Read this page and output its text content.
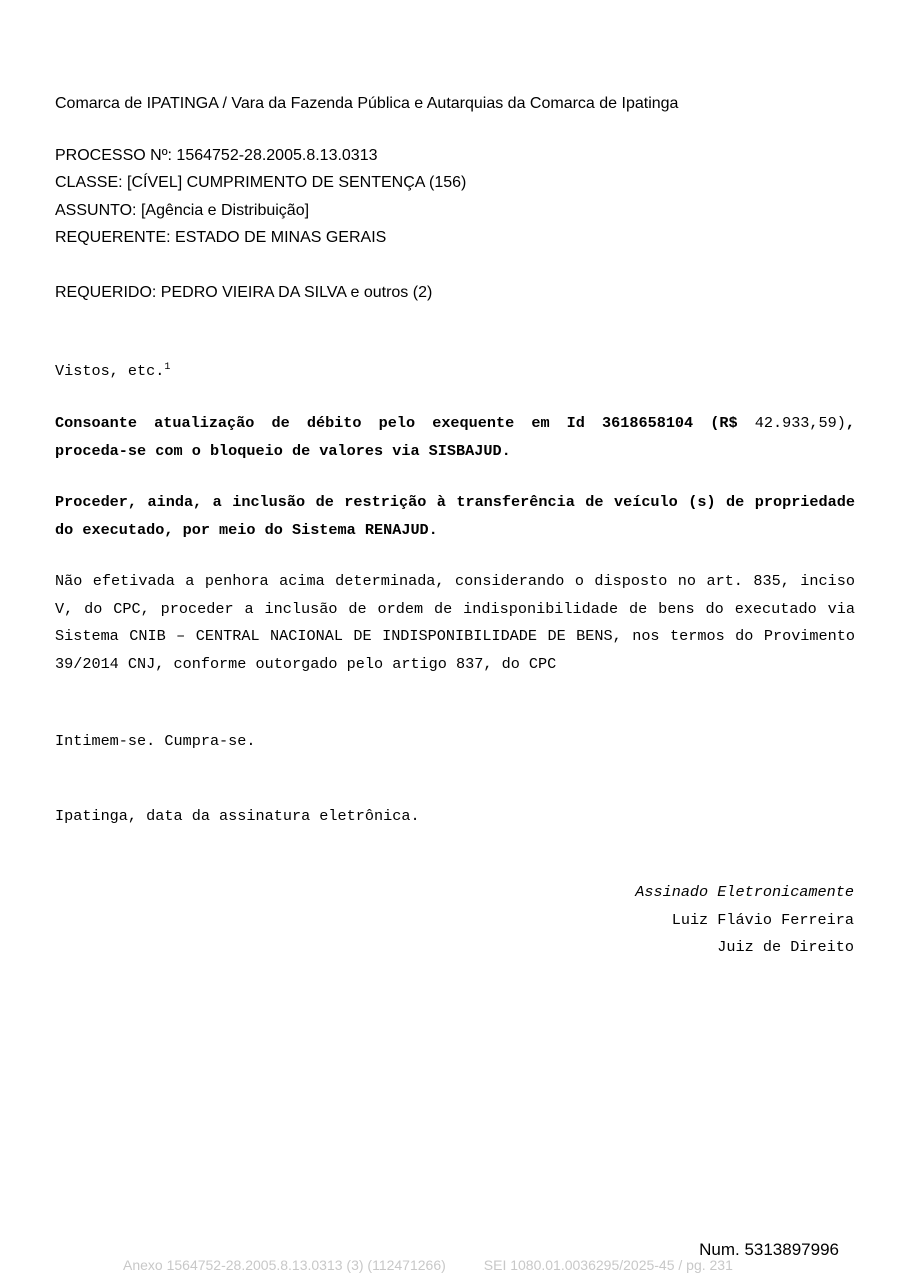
Comarca de IPATINGA / Vara da Fazenda Pública e Autarquias da Comarca de Ipatinga
PROCESSO Nº: 1564752-28.2005.8.13.0313
CLASSE: [CÍVEL] CUMPRIMENTO DE SENTENÇA (156)
ASSUNTO: [Agência e Distribuição]
REQUERENTE: ESTADO DE MINAS GERAIS
REQUERIDO: PEDRO VIEIRA DA SILVA e outros (2)
Vistos, etc.$^1$
Consoante atualização de débito pelo exequente em Id 3618658104 (R$ 42.933,59), proceda-se com o bloqueio de valores via SISBAJUD.
Proceder, ainda, a inclusão de restrição à transferência de veículo (s) de propriedade do executado, por meio do Sistema RENAJUD.
Não efetivada a penhora acima determinada, considerando o disposto no art. 835, inciso V, do CPC, proceder a inclusão de ordem de indisponibilidade de bens do executado via Sistema CNIB – CENTRAL NACIONAL DE INDISPONIBILIDADE DE BENS, nos termos do Provimento 39/2014 CNJ, conforme outorgado pelo artigo 837, do CPC
Intimem-se. Cumpra-se.
Ipatinga, data da assinatura eletrônica.
Assinado Eletronicamente
Luiz Flávio Ferreira
Juiz de Direito
Num. 5313897996
Anexo 1564752-28.2005.8.13.0313 (3) (112471266)	SEI 1080.01.0036295/2025-45 / pg. 231
